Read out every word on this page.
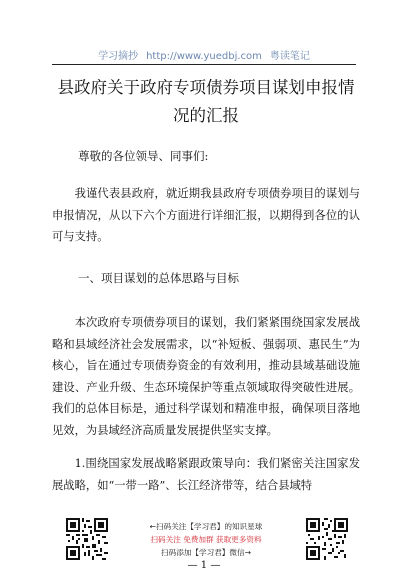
学习摘抄 http://www.yuedbj.com 粤读笔记
县政府关于政府专项债券项目谋划申报情况的汇报
尊敬的各位领导、同事们:
我谨代表县政府，就近期我县政府专项债券项目的谋划与申报情况，从以下六个方面进行详细汇报，以期得到各位的认可与支持。
一、项目谋划的总体思路与目标
本次政府专项债券项目的谋划，我们紧紧围绕国家发展战略和县域经济社会发展需求，以“补短板、强弱项、惠民生”为核心，旨在通过专项债券资金的有效利用，推动县域基础设施建设、产业升级、生态环境保护等重点领域取得突破性进展。我们的总体目标是，通过科学谋划和精准申报，确保项目落地见效，为县域经济高质量发展提供坚实支撑。
1.围绕国家发展战略紧跟政策导向：我们紧密关注国家发展战略，如“一带一路”、长江经济带等，结合县域特
←扫码关注【学习君】的知识星球
扫码关注 免费加群 获取更多资料
扫码添加【学习君】微信→
— 1 —
